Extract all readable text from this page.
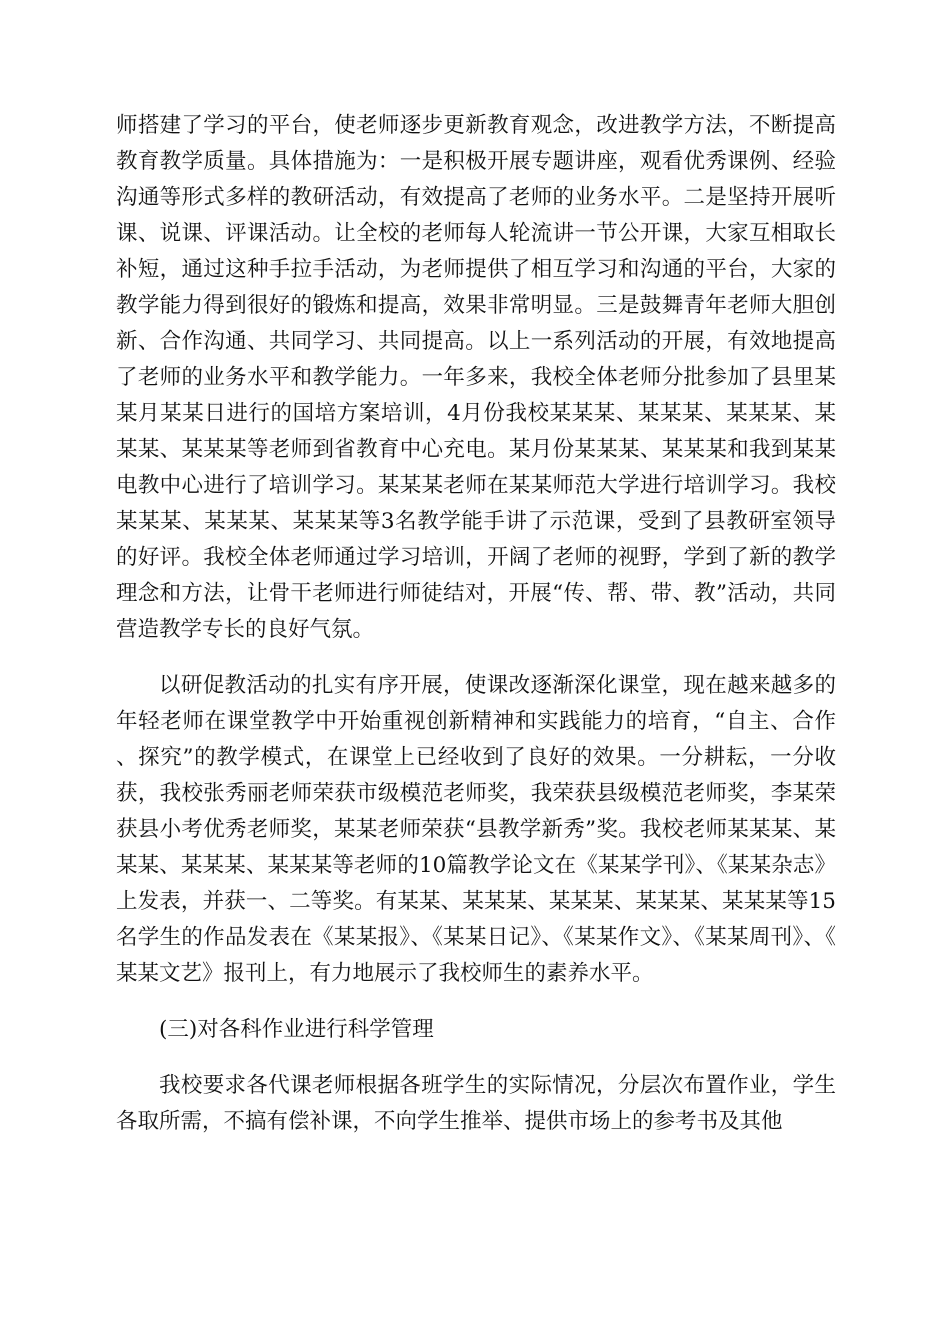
师搭建了学习的平台，使老师逐步更新教育观念，改进教学方法，不断提高教育教学质量。具体措施为：一是积极开展专题讲座，观看优秀课例、经验沟通等形式多样的教研活动，有效提高了老师的业务水平。二是坚持开展听课、说课、评课活动。让全校的老师每人轮流讲一节公开课，大家互相取长补短，通过这种手拉手活动，为老师提供了相互学习和沟通的平台，大家的教学能力得到很好的锻炼和提高，效果非常明显。三是鼓舞青年老师大胆创新、合作沟通、共同学习、共同提高。以上一系列活动的开展，有效地提高了老师的业务水平和教学能力。一年多来，我校全体老师分批参加了县里某某月某某日进行的国培方案培训，4月份我校某某某、某某某、某某某、某某某、某某某等老师到省教育中心充电。某月份某某某、某某某和我到某某电教中心进行了培训学习。某某某老师在某某师范大学进行培训学习。我校某某某、某某某、某某某等3名教学能手讲了示范课，受到了县教研室领导的好评。我校全体老师通过学习培训，开阔了老师的视野，学到了新的教学理念和方法，让骨干老师进行师徒结对，开展“传、帮、带、教”活动，共同营造教学专长的良好气氛。

以研促教活动的扎实有序开展，使课改逐渐深化课堂，现在越来越多的年轻老师在课堂教学中开始重视创新精神和实践能力的培育，“自主、合作、探究”的教学模式，在课堂上已经收到了良好的效果。一分耕耘，一分收获，我校张秀丽老师荣获市级模范老师奖，我荣获县级模范老师奖，李某荣获县小考优秀老师奖，某某老师荣获“县教学新秀”奖。我校老师某某某、某某某、某某某、某某某等老师的10篇教学论文在《某某学刊》、《某某杂志》上发表，并获一、二等奖。有某某、某某某、某某某、某某某、某某某等15名学生的作品发表在《某某报》、《某某日记》、《某某作文》、《某某周刊》、《某某文艺》报刊上，有力地展示了我校师生的素养水平。

(三)对各科作业进行科学管理

我校要求各代课老师根据各班学生的实际情况，分层次布置作业，学生各取所需，不搞有偿补课，不向学生推举、提供市场上的参考书及其他
